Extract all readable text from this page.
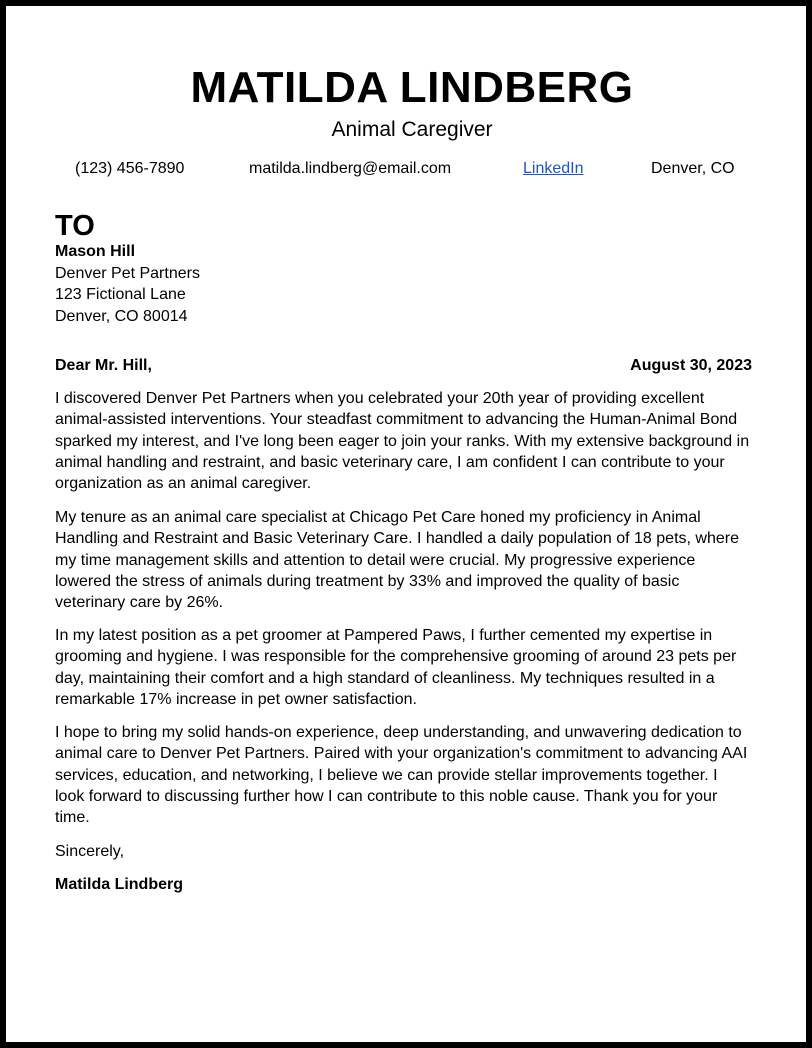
MATILDA LINDBERG
Animal Caregiver
(123) 456-7890	matilda.lindberg@email.com	LinkedIn	Denver, CO
TO
Mason Hill
Denver Pet Partners
123 Fictional Lane
Denver, CO 80014
Dear Mr. Hill,	August 30, 2023
I discovered Denver Pet Partners when you celebrated your 20th year of providing excellent
animal-assisted interventions. Your steadfast commitment to advancing the Human-Animal Bond
sparked my interest, and I've long been eager to join your ranks. With my extensive background in
animal handling and restraint, and basic veterinary care, I am confident I can contribute to your
organization as an animal caregiver.
My tenure as an animal care specialist at Chicago Pet Care honed my proficiency in Animal
Handling and Restraint and Basic Veterinary Care. I handled a daily population of 18 pets, where
my time management skills and attention to detail were crucial. My progressive experience
lowered the stress of animals during treatment by 33% and improved the quality of basic
veterinary care by 26%.
In my latest position as a pet groomer at Pampered Paws, I further cemented my expertise in
grooming and hygiene. I was responsible for the comprehensive grooming of around 23 pets per
day, maintaining their comfort and a high standard of cleanliness. My techniques resulted in a
remarkable 17% increase in pet owner satisfaction.
I hope to bring my solid hands-on experience, deep understanding, and unwavering dedication to
animal care to Denver Pet Partners. Paired with your organization's commitment to advancing AAI
services, education, and networking, I believe we can provide stellar improvements together. I
look forward to discussing further how I can contribute to this noble cause. Thank you for your
time.
Sincerely,
Matilda Lindberg
